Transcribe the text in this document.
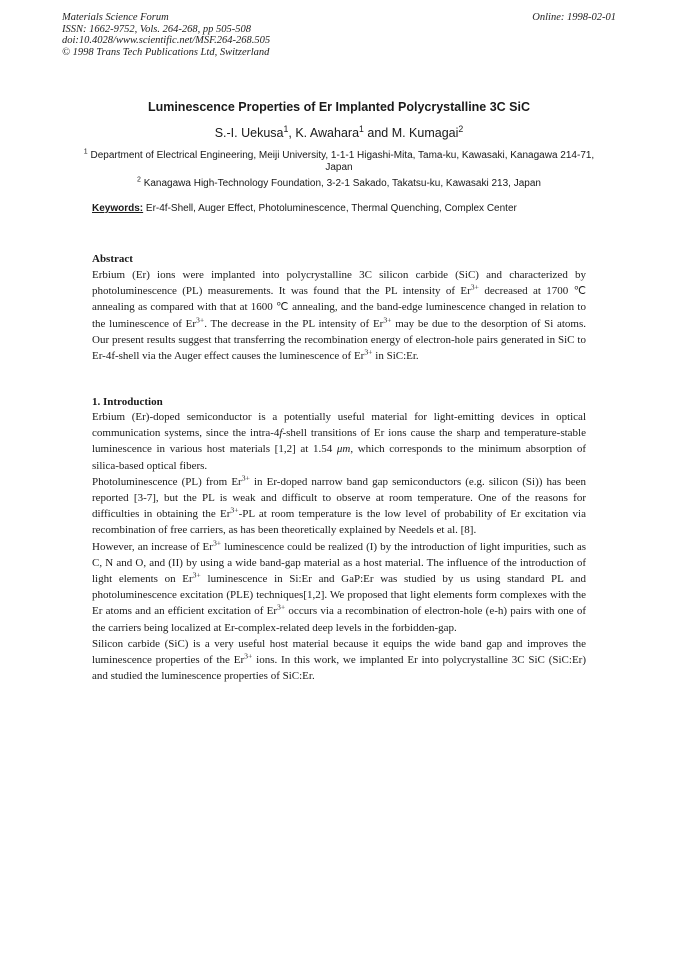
Materials Science Forum
ISSN: 1662-9752, Vols. 264-268, pp 505-508
doi:10.4028/www.scientific.net/MSF.264-268.505
© 1998 Trans Tech Publications Ltd, Switzerland
Online: 1998-02-01
Luminescence Properties of Er Implanted Polycrystalline 3C SiC
S.-I. Uekusa$^1$, K. Awahara$^1$ and M. Kumagai$^2$
$^1$ Department of Electrical Engineering, Meiji University, 1-1-1 Higashi-Mita, Tama-ku, Kawasaki, Kanagawa 214-71, Japan
$^2$ Kanagawa High-Technology Foundation, 3-2-1 Sakado, Takatsu-ku, Kawasaki 213, Japan
Keywords: Er-4f-Shell, Auger Effect, Photoluminescence, Thermal Quenching, Complex Center
Abstract

Erbium (Er) ions were implanted into polycrystalline 3C silicon carbide (SiC) and characterized by photoluminescence (PL) measurements. It was found that the PL intensity of $Er^{3+}$ decreased at 1700 ℃ annealing as compared with that at 1600 ℃ annealing, and the band-edge luminescence changed in relation to the luminescence of $Er^{3+}$. The decrease in the PL intensity of $Er^{3+}$ may be due to the desorption of Si atoms. Our present results suggest that transferring the recombination energy of electron-hole pairs generated in SiC to Er-4f-shell via the Auger effect causes the luminescence of $Er^{3+}$ in SiC:Er.

1. Introduction

Erbium (Er)-doped semiconductor is a potentially useful material for light-emitting devices in optical communication systems, since the intra-4f-shell transitions of Er ions cause the sharp and temperature-stable luminescence in various host materials [1,2] at 1.54 μm, which corresponds to the minimum absorption of silica-based optical fibers.

Photoluminescence (PL) from $Er^{3+}$ in Er-doped narrow band gap semiconductors (e.g. silicon (Si)) has been reported [3-7], but the PL is weak and difficult to observe at room temperature. One of the reasons for difficulties in obtaining the $Er^{3+}-PL$ at room temperature is the low level of probability of Er excitation via recombination of free carriers, as has been theoretically explained by Needels et al. [8].

However, an increase of $Er^{3+}$ luminescence could be realized (I) by the introduction of light impurities, such as C, N and O, and (II) by using a wide band-gap material as a host material. The influence of the introduction of light elements on $Er^{3+}$ luminescence in Si:Er and GaP:Er was studied by us using standard PL and photoluminescence excitation (PLE) techniques[1,2]. We proposed that light elements form complexes with the Er atoms and an efficient excitation of $Er^{3+}$ occurs via a recombination of electron-hole (e-h) pairs with one of the carriers being localized at Er-complex-related deep levels in the forbidden-gap.

Silicon carbide (SiC) is a very useful host material because it equips the wide band gap and improves the luminescence properties of the $Er^{3+}$ ions. In this work, we implanted Er into polycrystalline 3C SiC (SiC:Er) and studied the luminescence properties of SiC:Er.
